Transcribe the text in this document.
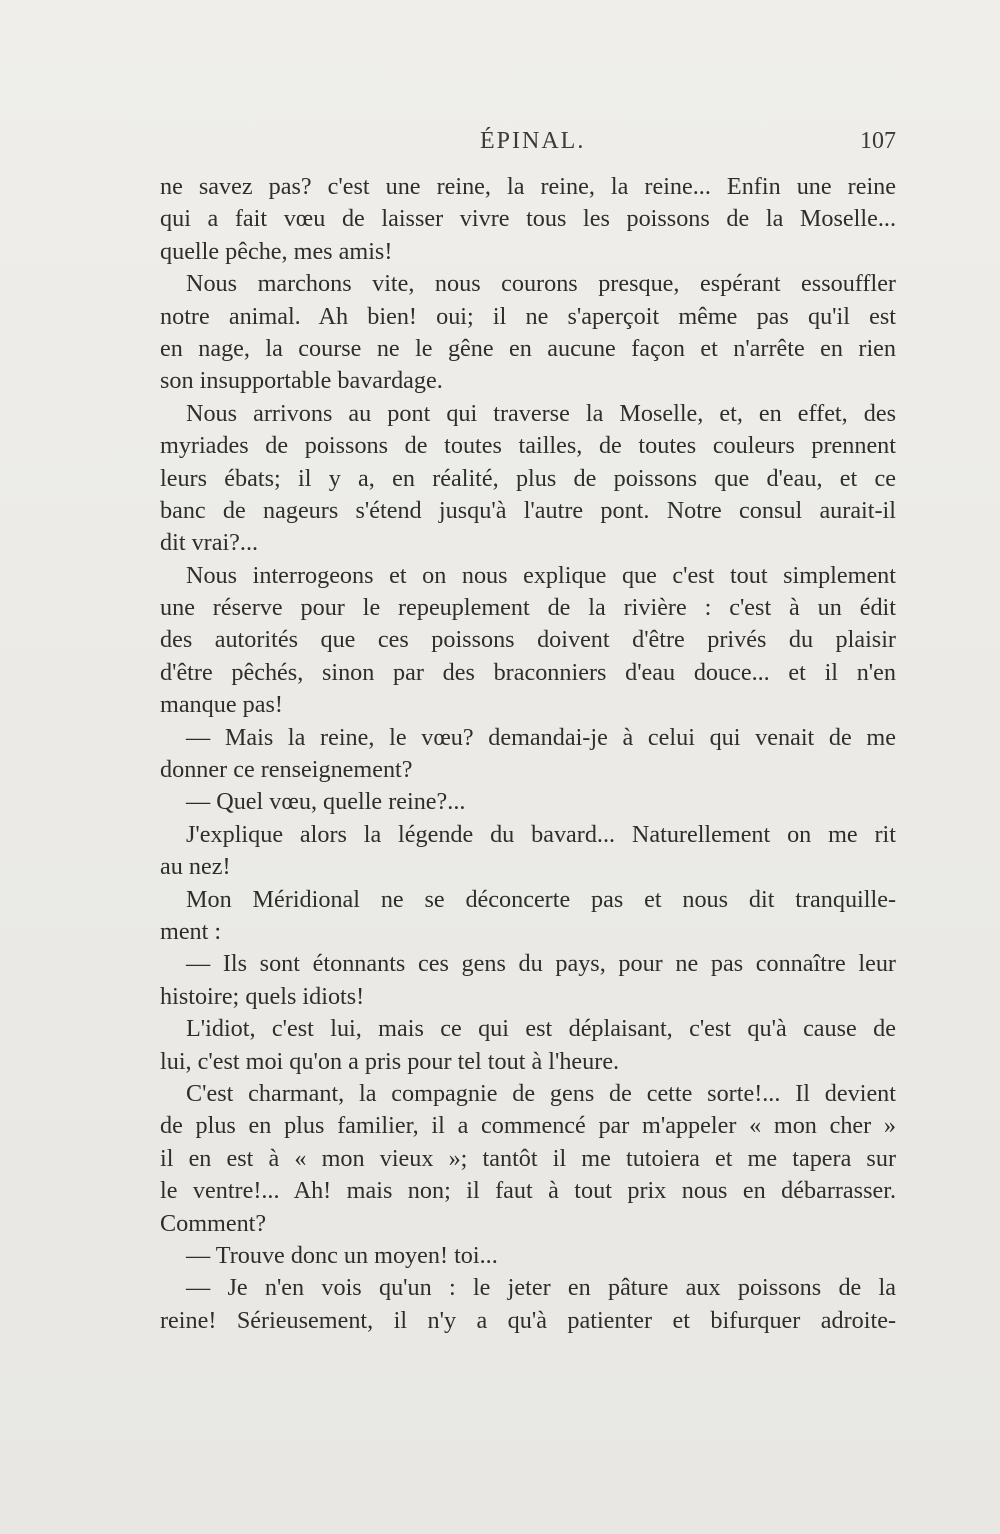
ÉPINAL.	107
ne savez pas? c'est une reine, la reine, la reine... Enfin une reine
qui a fait vœu de laisser vivre tous les poissons de la Moselle...
quelle pêche, mes amis!
Nous marchons vite, nous courons presque, espérant essouffler
notre animal. Ah bien! oui; il ne s'aperçoit même pas qu'il est
en nage, la course ne le gêne en aucune façon et n'arrête en rien
son insupportable bavardage.
Nous arrivons au pont qui traverse la Moselle, et, en effet, des
myriades de poissons de toutes tailles, de toutes couleurs prennent
leurs ébats; il y a, en réalité, plus de poissons que d'eau, et ce
banc de nageurs s'étend jusqu'à l'autre pont. Notre consul aurait-il
dit vrai?...
Nous interrogeons et on nous explique que c'est tout simplement
une réserve pour le repeuplement de la rivière : c'est à un édit
des autorités que ces poissons doivent d'être privés du plaisir
d'être pêchés, sinon par des braconniers d'eau douce... et il n'en
manque pas!
— Mais la reine, le vœu? demandai-je à celui qui venait de me
donner ce renseignement?
— Quel vœu, quelle reine?...
J'explique alors la légende du bavard... Naturellement on me rit
au nez!
Mon Méridional ne se déconcerte pas et nous dit tranquille-
ment :
— Ils sont étonnants ces gens du pays, pour ne pas connaître leur
histoire; quels idiots!
L'idiot, c'est lui, mais ce qui est déplaisant, c'est qu'à cause de
lui, c'est moi qu'on a pris pour tel tout à l'heure.
C'est charmant, la compagnie de gens de cette sorte!... Il devient
de plus en plus familier, il a commencé par m'appeler « mon cher »
il en est à « mon vieux »; tantôt il me tutoiera et me tapera sur
le ventre!... Ah! mais non; il faut à tout prix nous en débarrasser.
Comment?
— Trouve donc un moyen! toi...
— Je n'en vois qu'un : le jeter en pâture aux poissons de la
reine! Sérieusement, il n'y a qu'à patienter et bifurquer adroite-
